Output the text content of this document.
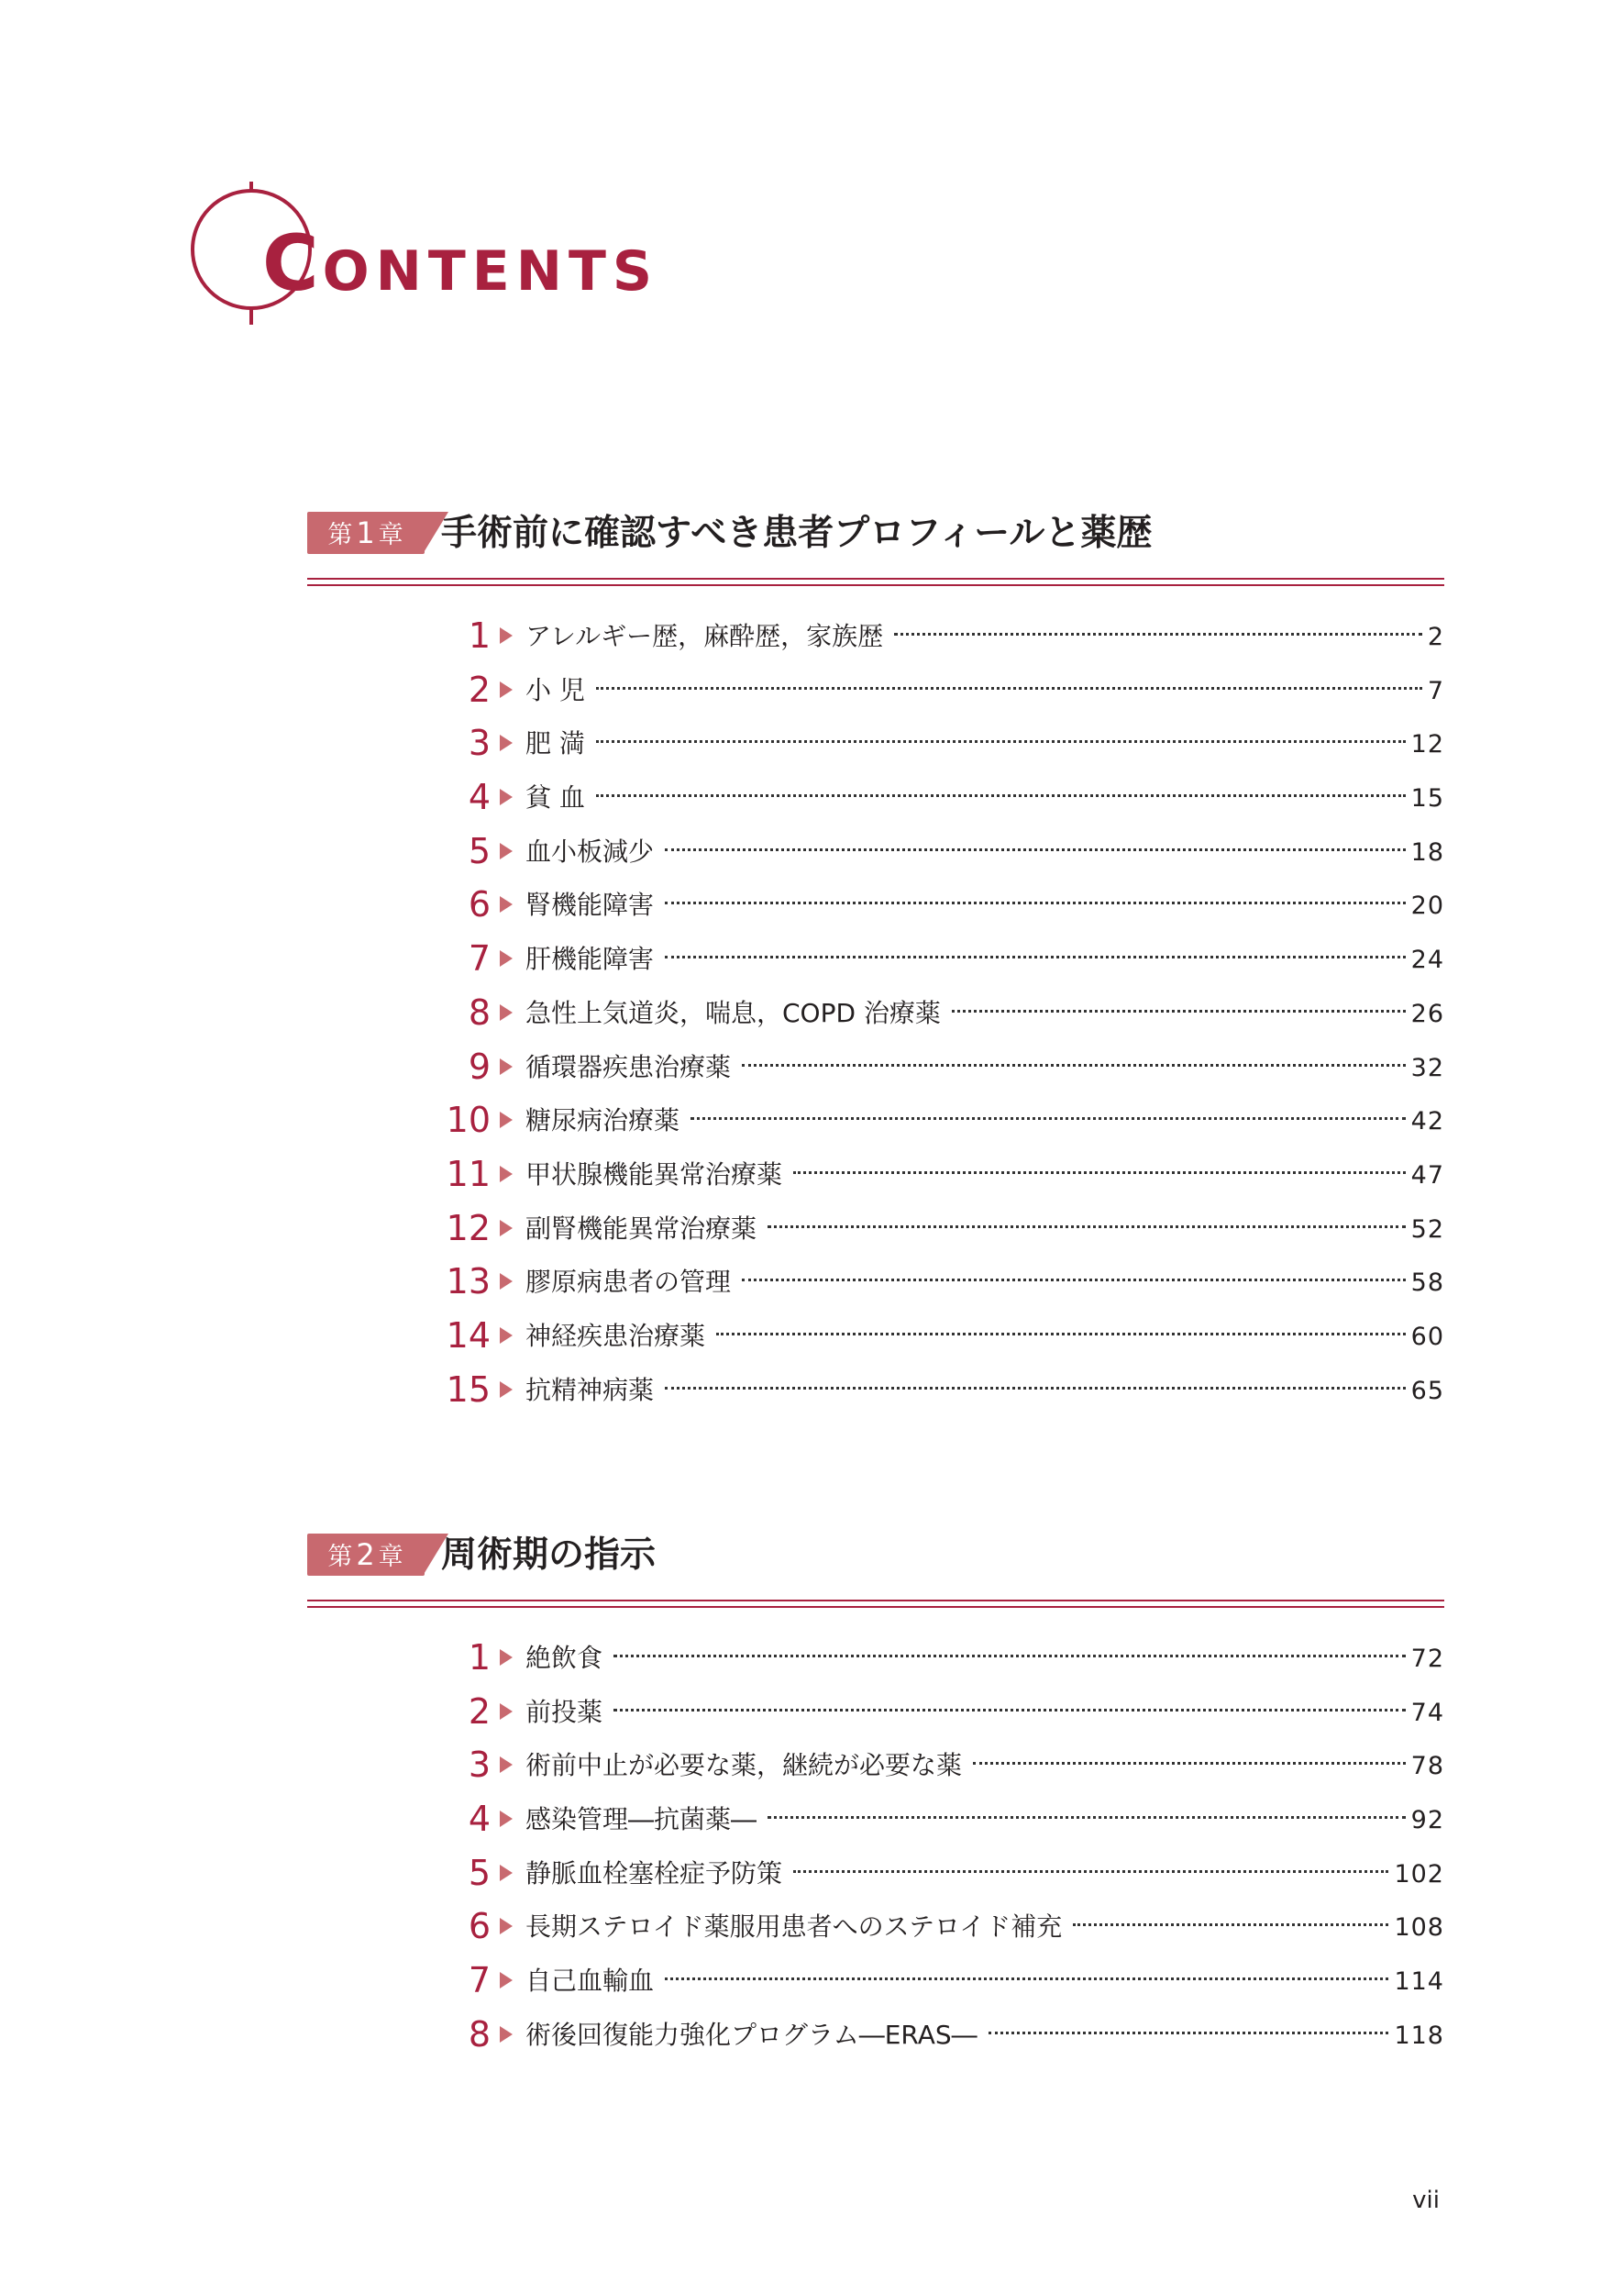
CONTENTS
第1 章	手術前に確認すべき患者プロフィールと薬歴
1 アレルギー歴，麻酔歴，家族歴	2
2 小 児	7
3 肥 満	12
4 貧 血	15
5 血小板減少	18
6 腎機能障害	20
7 肝機能障害	24
8 急性上気道炎，喘息，COPD 治療薬	26
9 循環器疾患治療薬	32
10 糖尿病治療薬	42
11 甲状腺機能異常治療薬	47
12 副腎機能異常治療薬	52
13 膠原病患者の管理	58
14 神経疾患治療薬	60
15 抗精神病薬	65
第2 章	周術期の指示
1 絶飲食	72
2 前投薬	74
3 術前中止が必要な薬，継続が必要な薬	78
4 感染管理―抗菌薬―	92
5 静脈血栓塞栓症予防策	102
6 長期ステロイド薬服用患者へのステロイド補充	108
7 自己血輸血	114
8 術後回復能力強化プログラム―ERAS―	118
vii
